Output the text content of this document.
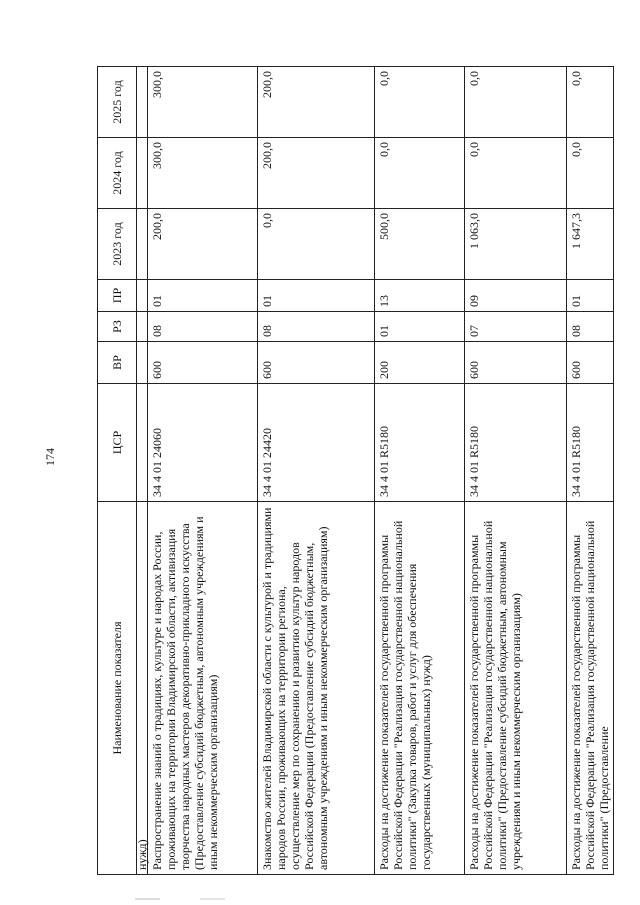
174
Наименование показателя	ЦСР	ВР	РЗ	ПР	2023 год	2024 год	2025 год
нужд)							
Распространение знаний о традициях, культуре и народах России, проживающих на территории Владимирской области, активизация творчества народных мастеров декоративно-прикладного искусства (Предоставление субсидий бюджетным, автономным учреждениям и иным некоммерческим организациям)	34 4 01 24060	600	08	01	200,0	300,0	300,0
Знакомство жителей Владимирской области с культурой и традициями народов России, проживающих на территории региона, осуществление мер по сохранению и развитию культур народов Российской Федерации (Предоставление субсидий бюджетным, автономным учреждениям и иным некоммерческим организациям)	34 4 01 24420	600	08	01	0,0	200,0	200,0
Расходы на достижение показателей государственной программы Российской Федерации "Реализация государственной национальной политики" (Закупка товаров, работ и услуг для обеспечения государственных (муниципальных) нужд)	34 4 01 R5180	200	01	13	500,0	0,0	0,0
Расходы на достижение показателей государственной программы Российской Федерации "Реализация государственной национальной политики" (Предоставление субсидий бюджетным, автономным учреждениям и иным некоммерческим организациям)	34 4 01 R5180	600	07	09	1 063,0	0,0	0,0
Расходы на достижение показателей государственной программы Российской Федерации "Реализация государственной национальной политики" (Предоставление	34 4 01 R5180	600	08	01	1 647,3	0,0	0,0
